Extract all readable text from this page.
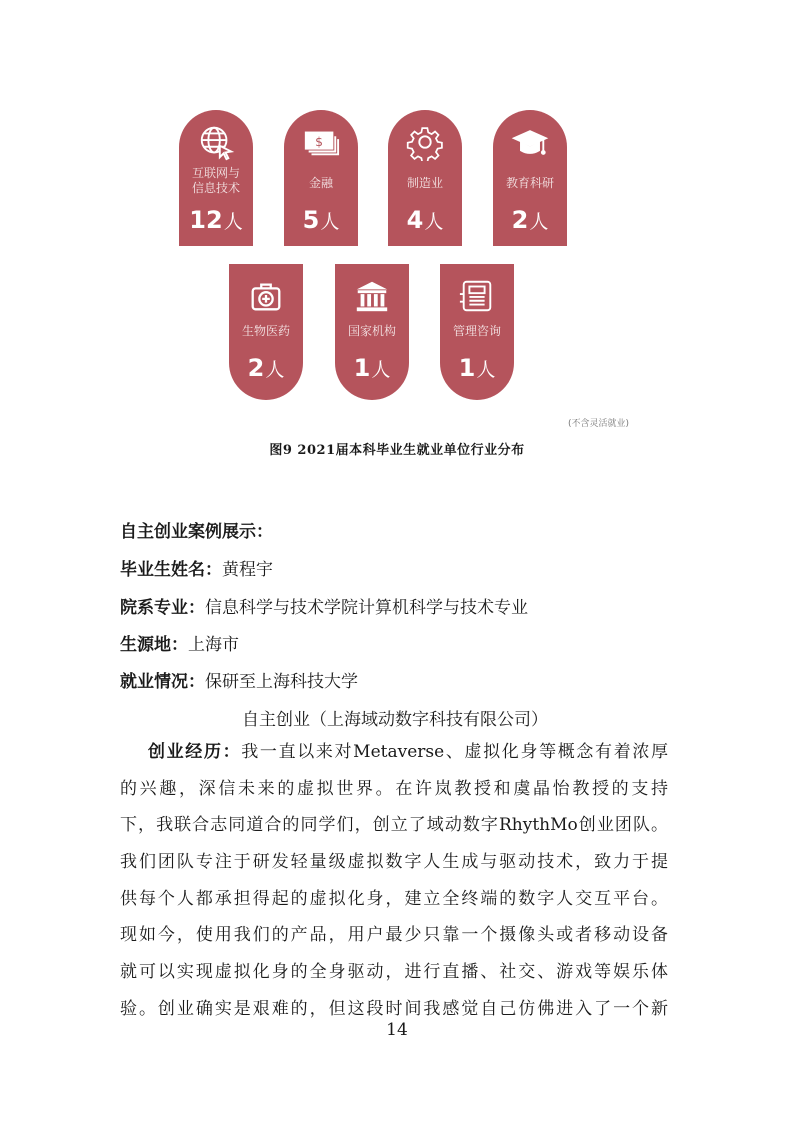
互联网与
信息技术
12人
$
金融
5人
制造业
4人
教育科研
2人
生物医药
2人
国家机构
1人
管理咨询
1人
(不含灵活就业)
图9 2021届本科毕业生就业单位行业分布
自主创业案例展示：
毕业生姓名：黄程宇
院系专业：信息科学与技术学院计算机科学与技术专业
生源地：上海市
就业情况：保研至上海科技大学
自主创业（上海域动数字科技有限公司）
创业经历：我一直以来对Metaverse、虚拟化身等概念有着浓厚
的兴趣，深信未来的虚拟世界。在许岚教授和虞晶怡教授的支持
下，我联合志同道合的同学们，创立了域动数字RhythMo创业团队。
我们团队专注于研发轻量级虚拟数字人生成与驱动技术，致力于提
供每个人都承担得起的虚拟化身，建立全终端的数字人交互平台。
现如今，使用我们的产品，用户最少只靠一个摄像头或者移动设备
就可以实现虚拟化身的全身驱动，进行直播、社交、游戏等娱乐体
验。创业确实是艰难的，但这段时间我感觉自己仿佛进入了一个新
14
